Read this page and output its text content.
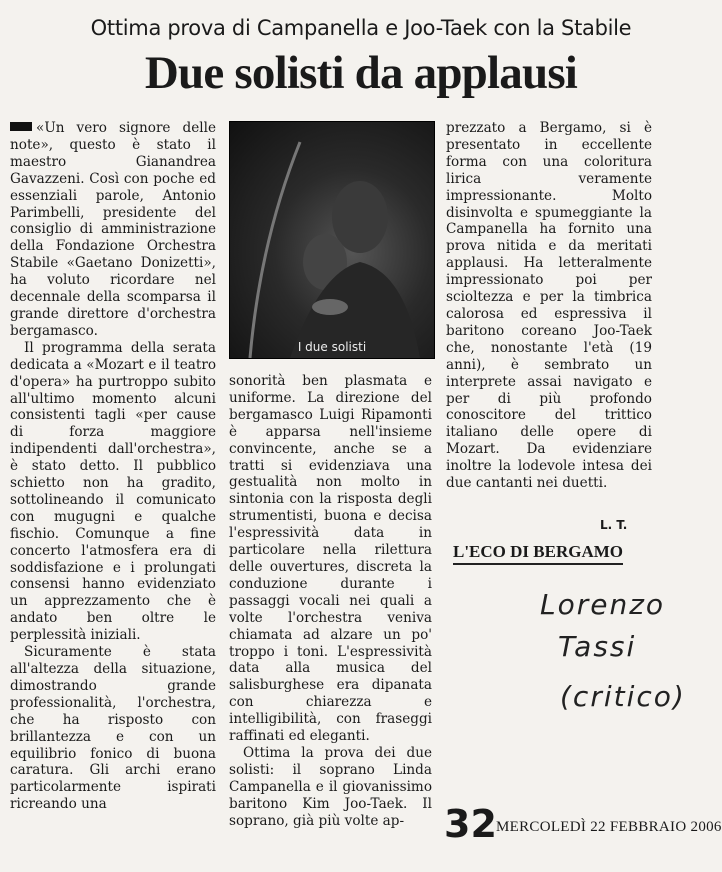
Ottima prova di Campanella e Joo-Taek con la Stabile
Due solisti da applausi

«Un vero signore delle note», questo è stato il maestro Gianandrea Gavazzeni. Così con poche ed essenziali parole, Antonio Parimbelli, presidente del consiglio di amministrazione della Fondazione Orchestra Stabile «Gaetano Donizetti», ha voluto ricordare nel decennale della scomparsa il grande direttore d'orchestra bergamasco.

Il programma della serata dedicata a «Mozart e il teatro d'opera» ha purtroppo subito all'ultimo momento alcuni consistenti tagli «per cause di forza maggiore indipendenti dall'orchestra», è stato detto. Il pubblico schietto non ha gradito, sottolineando il comunicato con mugugni e qualche fischio. Comunque a fine concerto l'atmosfera era di soddisfazione e i prolungati consensi hanno evidenziato un apprezzamento che è andato ben oltre le perplessità iniziali.

Sicuramente è stata all'altezza della situazione, dimostrando grande professionalità, l'orchestra, che ha risposto con brillantezza e con un equilibrio fonico di buona caratura. Gli archi erano particolarmente ispirati ricreando una

I due solisti

sonorità ben plasmata e uniforme. La direzione del bergamasco Luigi Ripamonti è apparsa nell'insieme convincente, anche se a tratti si evidenziava una gestualità non molto in sintonia con la risposta degli strumentisti, buona e decisa l'espressività data in particolare nella rilettura delle ouvertures, discreta la conduzione durante i passaggi vocali nei quali a volte l'orchestra veniva chiamata ad alzare un po' troppo i toni. L'espressività data alla musica del salisburghese era dipanata con chiarezza e intelligibilità, con fraseggi raffinati ed eleganti.

Ottima la prova dei due solisti: il soprano Linda Campanella e il giovanissimo baritono Kim Joo-Taek. Il soprano, già più volte ap-

prezzato a Bergamo, si è presentato in eccellente forma con una coloritura lirica veramente impressionante. Molto disinvolta e spumeggiante la Campanella ha fornito una prova nitida e da meritati applausi. Ha letteralmente impressionato poi per scioltezza e per la timbrica calorosa ed espressiva il baritono coreano Joo-Taek che, nonostante l'età (19 anni), è sembrato un interprete assai navigato e per di più profondo conoscitore del trittico italiano delle opere di Mozart. Da evidenziare inoltre la lodevole intesa dei due cantanti nei duetti.

L. T.
L'ECO DI BERGAMO
Lorenzo
Tassi
(critico)
32 MERCOLEDÌ 22 FEBBRAIO 2006
